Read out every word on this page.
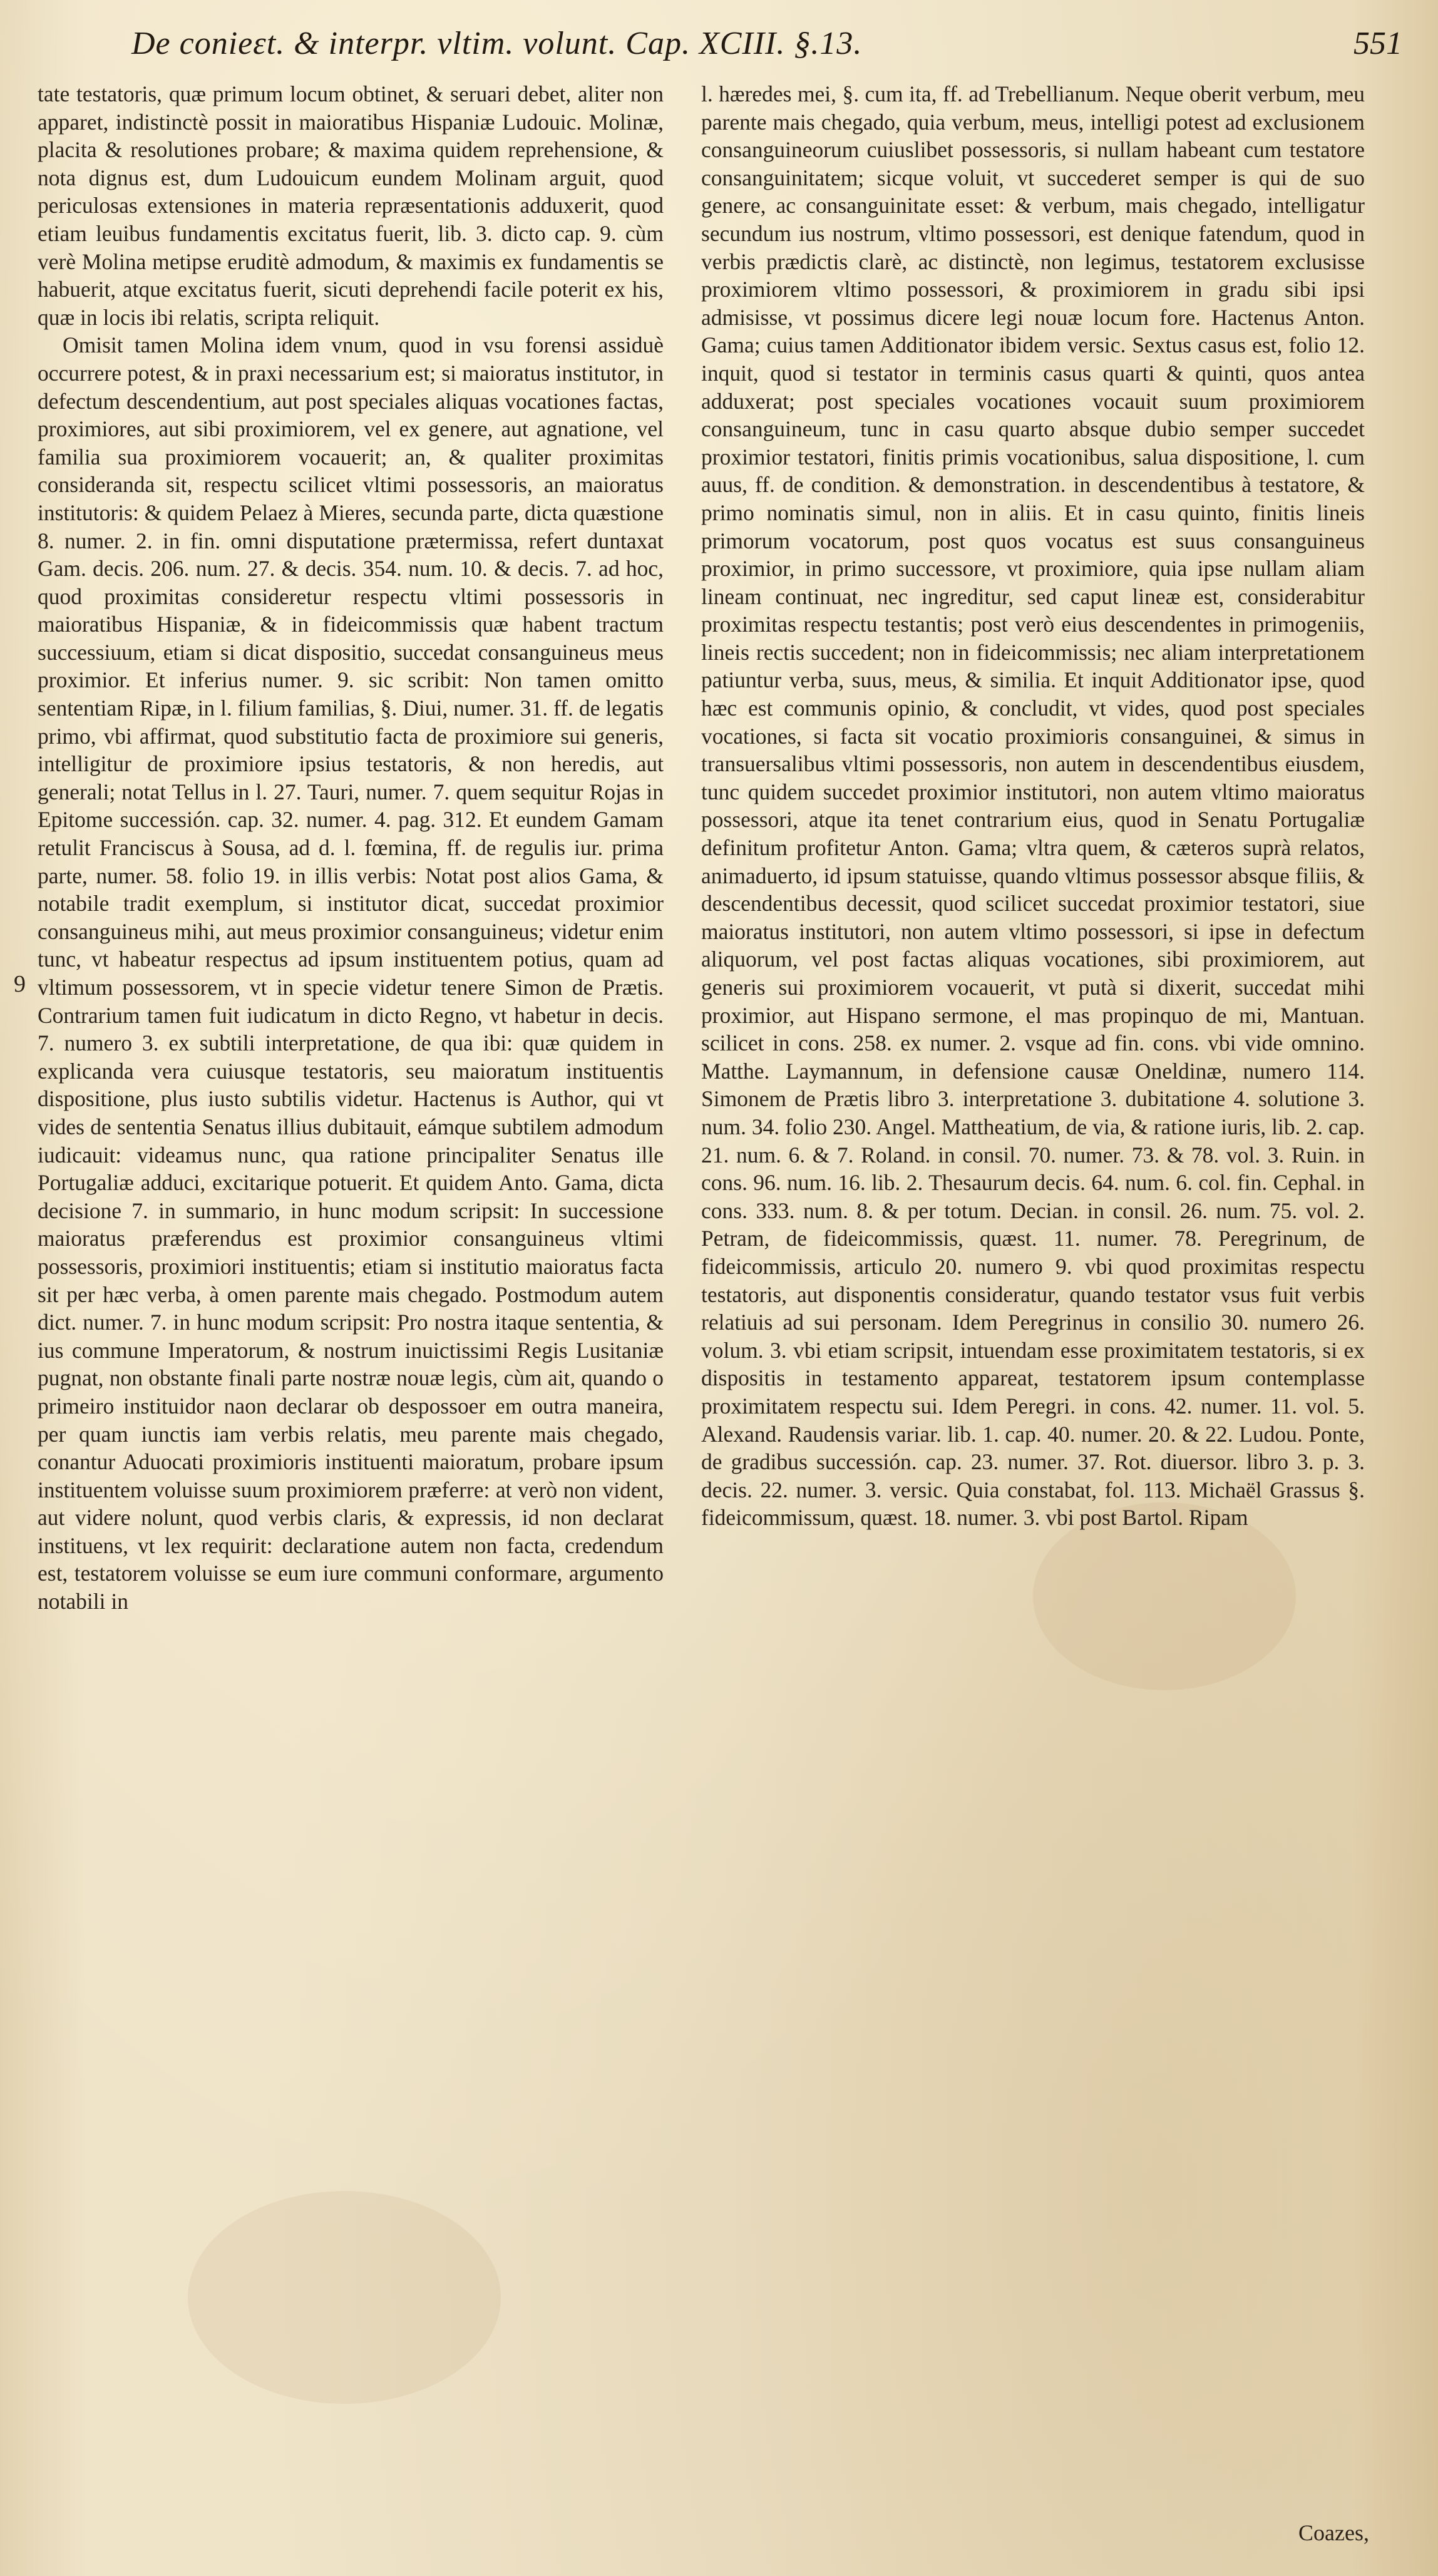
De conieɛt. & interpr. vltim. volunt. Cap. XCIII. §.13.	551

tate testatoris, quæ primum locum obtinet, & seruari debet, aliter non apparet, indistinctè possit in maioratibus Hispaniæ Ludouic. Molinæ, placita & resolutiones probare; & maxima quidem reprehensione, & nota dignus est, dum Ludouicum eundem Molinam arguit, quod periculosas extensiones in materia repræsentationis adduxerit, quod etiam leuibus fundamentis excitatus fuerit, lib. 3. dicto cap. 9. cùm verè Molina metipse eruditè admodum, & maximis ex fundamentis se habuerit, atque excitatus fuerit, sicuti deprehendi facile poterit ex his, quæ in locis ibi relatis, scripta reliquit.

Omisit tamen Molina idem vnum, quod in vsu forensi assiduè occurrere potest, & in praxi necessarium est; si maioratus institutor, in defectum descendentium, aut post speciales aliquas vocationes factas, proximiores, aut sibi proximiorem, vel ex genere, aut agnatione, vel familia sua proximiorem vocauerit; an, & qualiter proximitas consideranda sit, respectu scilicet vltimi possessoris, an maioratus institutoris: & quidem Pelaez à Mieres, secunda parte, dicta quæstione 8. numer. 2. in fin. omni disputatione prætermissa, refert duntaxat Gam. decis. 206. num. 27. & decis. 354. num. 10. & decis. 7. ad hoc, quod proximitas consideretur respectu vltimi possessoris in maioratibus Hispaniæ, & in fideicommissis quæ habent tractum successiuum, etiam si dicat dispositio, succedat consanguineus meus proximior. Et inferius numer. 9. sic scribit: Non tamen omitto sententiam Ripæ, in l. filium familias, §. Diui, numer. 31. ff. de legatis primo, vbi affirmat, quod substitutio facta de proximiore sui generis, intelligitur de proximiore ipsius testatoris, & non heredis, aut generali; notat Tellus in l. 27. Tauri, numer. 7. quem sequitur Rojas in Epitome successión. cap. 32. numer. 4. pag. 312. Et eundem Gamam retulit Franciscus à Sousa, ad d. l. fœmina, ff. de regulis iur. prima parte, numer. 58. folio 19. in illis verbis: Notat post alios Gama, & notabile tradit exemplum, si institutor dicat, succedat proximior consanguineus mihi, aut meus proximior consanguineus; videtur enim tunc, vt habeatur respectus ad ipsum instituentem potius, quam ad vltimum possessorem, vt in specie videtur tenere Simon de Prætis. Contrarium tamen fuit iudicatum in dicto Regno, vt habetur in decis. 7. numero 3. ex subtili interpretatione, de qua ibi: quæ quidem in explicanda vera cuiusque testatoris, seu maioratum instituentis dispositione, plus iusto subtilis videtur. Hactenus is Author, qui vt vides de sententia Senatus illius dubitauit, eámque subtilem admodum iudicauit: videamus nunc, qua ratione principaliter Senatus ille Portugaliæ adduci, excitarique potuerit. Et quidem Anto. Gama, dicta decisione 7. in summario, in hunc modum scripsit: In successione maioratus præferendus est proximior consanguineus vltimi possessoris, proximiori instituentis; etiam si institutio maioratus facta sit per hæc verba, à omen parente mais chegado. Postmodum autem dict. numer. 7. in hunc modum scripsit: Pro nostra itaque sententia, & ius commune Imperatorum, & nostrum inuictissimi Regis Lusitaniæ pugnat, non obstante finali parte nostræ nouæ legis, cùm ait, quando o primeiro instituidor naon declarar ob despossoer em outra maneira, per quam iunctis iam verbis relatis, meu parente mais chegado, conantur Aduocati proximioris instituenti maioratum, probare ipsum instituentem voluisse suum proximiorem præferre: at verò non vident, aut videre nolunt, quod verbis claris, & expressis, id non declarat instituens, vt lex requirit: declaratione autem non facta, credendum est, testatorem voluisse se eum iure communi conformare, argumento notabili in

9

l. hæredes mei, §. cum ita, ff. ad Trebellianum. Neque oberit verbum, meu parente mais chegado, quia verbum, meus, intelligi potest ad exclusionem consanguineorum cuiuslibet possessoris, si nullam habeant cum testatore consanguinitatem; sicque voluit, vt succederet semper is qui de suo genere, ac consanguinitate esset: & verbum, mais chegado, intelligatur secundum ius nostrum, vltimo possessori, est denique fatendum, quod in verbis prædictis clarè, ac distinctè, non legimus, testatorem exclusisse proximiorem vltimo possessori, & proximiorem in gradu sibi ipsi admisisse, vt possimus dicere legi nouæ locum fore. Hactenus Anton. Gama; cuius tamen Additionator ibidem versic. Sextus casus est, folio 12. inquit, quod si testator in terminis casus quarti & quinti, quos antea adduxerat; post speciales vocationes vocauit suum proximiorem consanguineum, tunc in casu quarto absque dubio semper succedet proximior testatori, finitis primis vocationibus, salua dispositione, l. cum auus, ff. de condition. & demonstration. in descendentibus à testatore, & primo nominatis simul, non in aliis. Et in casu quinto, finitis lineis primorum vocatorum, post quos vocatus est suus consanguineus proximior, in primo successore, vt proximiore, quia ipse nullam aliam lineam continuat, nec ingreditur, sed caput lineæ est, considerabitur proximitas respectu testantis; post verò eius descendentes in primogeniis, lineis rectis succedent; non in fideicommissis; nec aliam interpretationem patiuntur verba, suus, meus, & similia. Et inquit Additionator ipse, quod hæc est communis opinio, & concludit, vt vides, quod post speciales vocationes, si facta sit vocatio proximioris consanguinei, & simus in transuersalibus vltimi possessoris, non autem in descendentibus eiusdem, tunc quidem succedet proximior institutori, non autem vltimo maioratus possessori, atque ita tenet contrarium eius, quod in Senatu Portugaliæ definitum profitetur Anton. Gama; vltra quem, & cæteros suprà relatos, animaduerto, id ipsum statuisse, quando vltimus possessor absque filiis, & descendentibus decessit, quod scilicet succedat proximior testatori, siue maioratus institutori, non autem vltimo possessori, si ipse in defectum aliquorum, vel post factas aliquas vocationes, sibi proximiorem, aut generis sui proximiorem vocauerit, vt putà si dixerit, succedat mihi proximior, aut Hispano sermone, el mas propinquo de mi, Mantuan. scilicet in cons. 258. ex numer. 2. vsque ad fin. cons. vbi vide omnino. Matthe. Laymannum, in defensione causæ Oneldinæ, numero 114. Simonem de Prætis libro 3. interpretatione 3. dubitatione 4. solutione 3. num. 34. folio 230. Angel. Mattheatium, de via, & ratione iuris, lib. 2. cap. 21. num. 6. & 7. Roland. in consil. 70. numer. 73. & 78. vol. 3. Ruin. in cons. 96. num. 16. lib. 2. Thesaurum decis. 64. num. 6. col. fin. Cephal. in cons. 333. num. 8. & per totum. Decian. in consil. 26. num. 75. vol. 2. Petram, de fideicommissis, quæst. 11. numer. 78. Peregrinum, de fideicommissis, articulo 20. numero 9. vbi quod proximitas respectu testatoris, aut disponentis consideratur, quando testator vsus fuit verbis relatiuis ad sui personam. Idem Peregrinus in consilio 30. numero 26. volum. 3. vbi etiam scripsit, intuendam esse proximitatem testatoris, si ex dispositis in testamento appareat, testatorem ipsum contemplasse proximitatem respectu sui. Idem Peregri. in cons. 42. numer. 11. vol. 5. Alexand. Raudensis variar. lib. 1. cap. 40. numer. 20. & 22. Ludou. Ponte, de gradibus successión. cap. 23. numer. 37. Rot. diuersor. libro 3. p. 3. decis. 22. numer. 3. versic. Quia constabat, fol. 113. Michaël Grassus §. fideicommissum, quæst. 18. numer. 3. vbi post Bartol. Ripam

Coazes,
